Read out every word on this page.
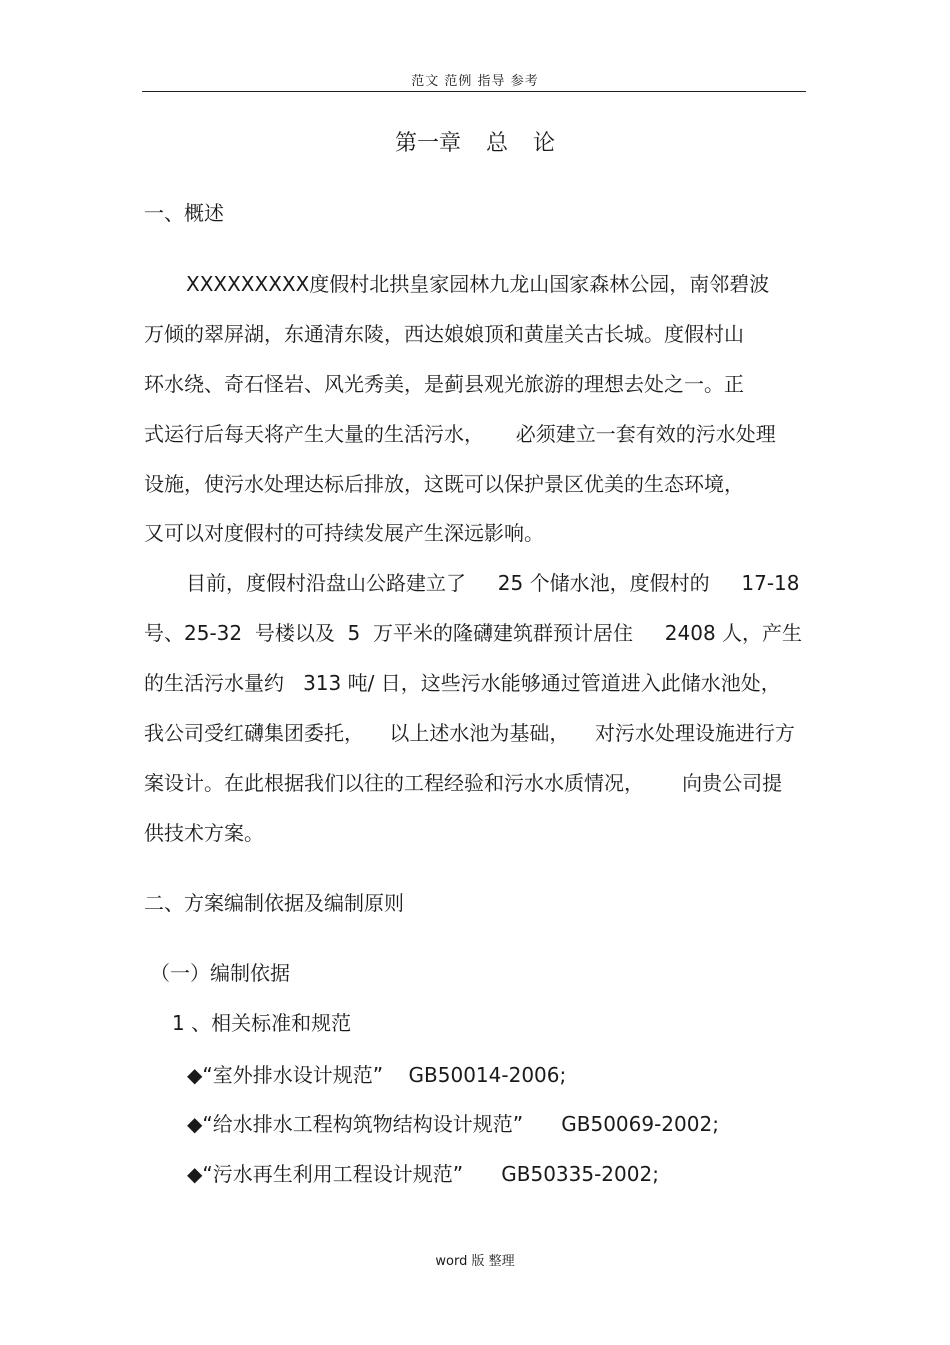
范文 范例 指导 参考
第一章 总 论
一、概述
XXXXXXXXX度假村北拱皇家园林九龙山国家森林公园，南邻碧波
万倾的翠屏湖，东通清东陵，西达娘娘顶和黄崖关古长城。度假村山
环水绕、奇石怪岩、风光秀美，是蓟县观光旅游的理想去处之一。正
式运行后每天将产生大量的生活污水，     必须建立一套有效的污水处理
设施，使污水处理达标后排放，这既可以保护景区优美的生态环境，
又可以对度假村的可持续发展产生深远影响。
目前，度假村沿盘山公路建立了     25 个储水池，度假村的     17-18
号、25-32  号楼以及  5  万平米的隆礴建筑群预计居住     2408 人，产生
的生活污水量约   313 吨/ 日，这些污水能够通过管道进入此储水池处，
我公司受红礴集团委托，    以上述水池为基础，    对污水处理设施进行方
案设计。在此根据我们以往的工程经验和污水水质情况，      向贵公司提
供技术方案。
二、方案编制依据及编制原则
（一）编制依据
1 、相关标准和规范
◆“室外排水设计规范”    GB50014-2006;
◆“给水排水工程构筑物结构设计规范”      GB50069-2002;
◆“污水再生利用工程设计规范”      GB50335-2002;
word 版 整理
